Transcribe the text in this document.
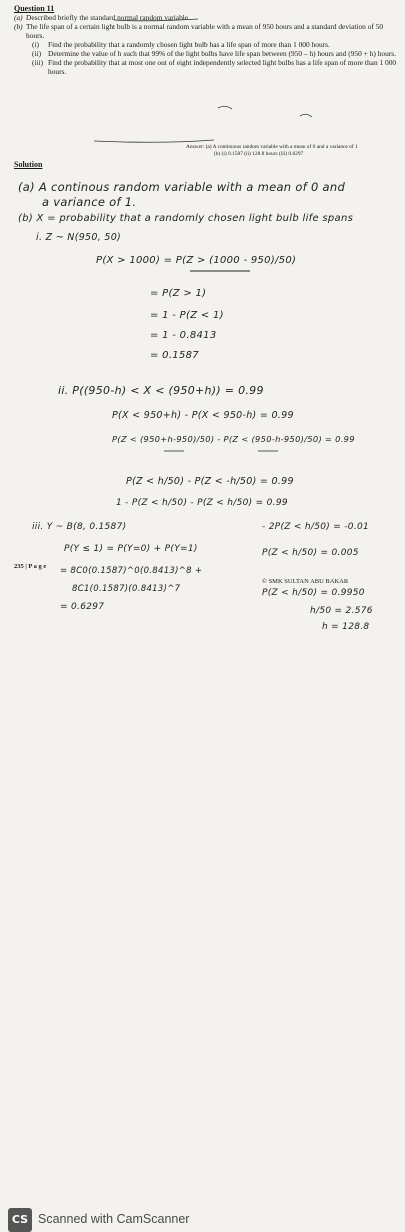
Question 11
(a) Described briefly the standard normal random variable.
(b) The life span of a certain light bulb is a normal random variable with a mean of 950 hours and a standard deviation of 50 hours.
(i) Find the probability that a randomly chosen light bulb has a life span of more than 1 000 hours.
(ii) Determine the value of h such that 99% of the light bulbs have life span between (950 – h) hours and (950 + h) hours.
(iii) Find the probability that at most one out of eight independently selected light bulbs has a life span of more than 1 000 hours.
Answer: (a) A continuous random variable with a mean of 0 and a variance of 1
(b) (i) 0.1587 (ii) 128.8 hours (iii) 0.6297
Solution
(a) A continous random variable with a mean of 0 and
a variance of 1.
(b) X = probability that a randomly chosen light bulb life spans
i. Z ~ N(950, 50)
P(X > 1000) = P(Z > (1000 - 950)/50)
= P(Z > 1)
= 1 - P(Z < 1)
= 1 - 0.8413
= 0.1587
ii. P((950-h) < X < (950+h)) = 0.99
P(X < 950+h) - P(X < 950-h) = 0.99
P(Z < (950+h-950)/50) - P(Z < (950-h-950)/50) = 0.99
P(Z < h/50) - P(Z < -h/50) = 0.99
1 - P(Z < h/50) - P(Z < h/50) = 0.99
- 2P(Z < h/50) = -0.01
P(Z < h/50) = 0.005
P(Z < h/50) = 0.9950
h/50 = 2.576
h = 128.8
iii. Y ~ B(8, 0.1587)
P(Y ≤ 1) = P(Y=0) + P(Y=1)
= 8C0(0.1587)^0(0.8413)^8 +
8C1(0.1587)(0.8413)^7
= 0.6297
235 | P a g e
© SMK SULTAN ABU BAKAR
CS Scanned with CamScanner
